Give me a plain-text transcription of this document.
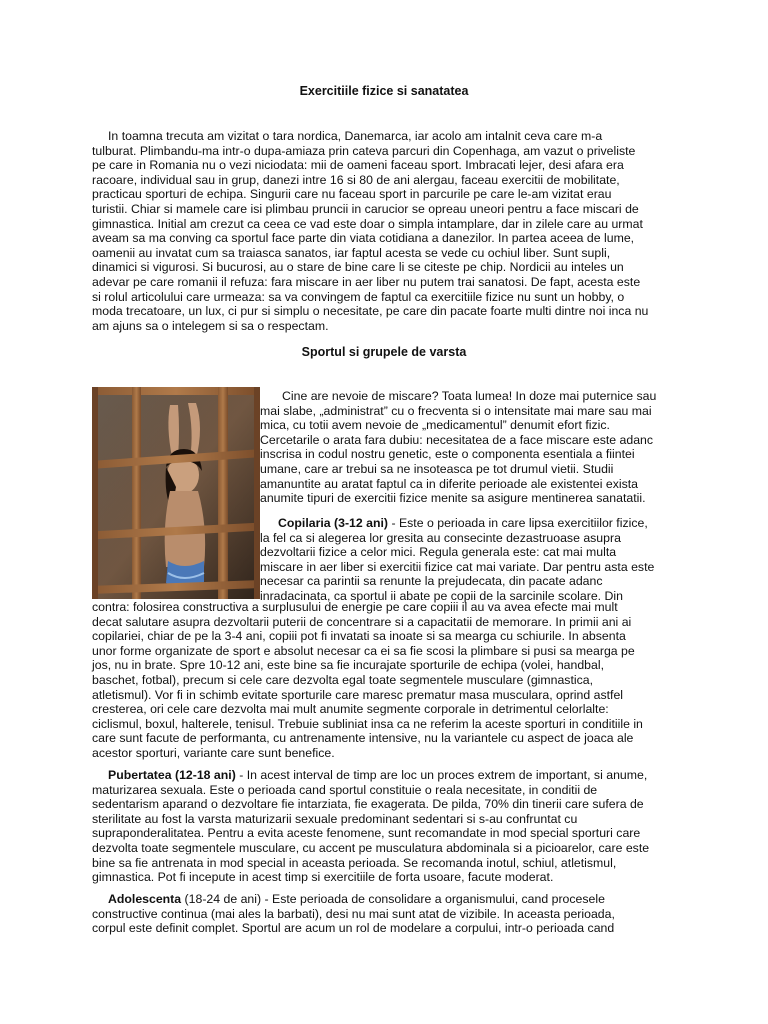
Exercitiile fizice si sanatatea
In toamna trecuta am vizitat o tara nordica, Danemarca, iar acolo am intalnit ceva care m-a
tulburat. Plimbandu-ma intr-o dupa-amiaza prin cateva parcuri din Copenhaga, am vazut o priveliste
pe care in Romania nu o vezi niciodata: mii de oameni faceau sport. Imbracati lejer, desi afara era
racoare, individual sau in grup, danezi intre 16 si 80 de ani alergau, faceau exercitii de mobilitate,
practicau sporturi de echipa. Singurii care nu faceau sport in parcurile pe care le-am vizitat erau
turistii. Chiar si mamele care isi plimbau pruncii in carucior se opreau uneori pentru a face miscari de
gimnastica. Initial am crezut ca ceea ce vad este doar o simpla intamplare, dar in zilele care au urmat
aveam sa ma conving ca sportul face parte din viata cotidiana a danezilor. In partea aceea de lume,
oamenii au invatat cum sa traiasca sanatos, iar faptul acesta se vede cu ochiul liber. Sunt supli,
dinamici si vigurosi. Si bucurosi, au o stare de bine care li se citeste pe chip. Nordicii au inteles un
adevar pe care romanii il refuza: fara miscare in aer liber nu putem trai sanatosi. De fapt, acesta este
si rolul articolului care urmeaza: sa va convingem de faptul ca exercitiile fizice nu sunt un hobby, o
moda trecatoare, un lux, ci pur si simplu o necesitate, pe care din pacate foarte multi dintre noi inca nu
am ajuns sa o intelegem si sa o respectam.
Sportul si grupele de varsta
Cine are nevoie de miscare? Toata lumea! In doze mai puternice sau
mai slabe, „administrat” cu o frecventa si o intensitate mai mare sau mai
mica, cu totii avem nevoie de „medicamentul” denumit efort fizic.
Cercetarile o arata fara dubiu: necesitatea de a face miscare este adanc
inscrisa in codul nostru genetic, este o componenta esentiala a fiintei
umane, care ar trebui sa ne insoteasca pe tot drumul vietii. Studii
amanuntite au aratat faptul ca in diferite perioade ale existentei exista
anumite tipuri de exercitii fizice menite sa asigure mentinerea sanatatii.
Copilaria (3-12 ani) - Este o perioada in care lipsa exercitiilor fizice,
la fel ca si alegerea lor gresita au consecinte dezastruoase asupra
dezvoltarii fizice a celor mici. Regula generala este: cat mai multa
miscare in aer liber si exercitii fizice cat mai variate. Dar pentru asta este
necesar ca parintii sa renunte la prejudecata, din pacate adanc
inradacinata, ca sportul ii abate pe copii de la sarcinile scolare. Din
contra: folosirea constructiva a surplusului de energie pe care copiii il au va avea efecte mai mult
decat salutare asupra dezvoltarii puterii de concentrare si a capacitatii de memorare. In primii ani ai
copilariei, chiar de pe la 3-4 ani, copiii pot fi invatati sa inoate si sa mearga cu schiurile. In absenta
unor forme organizate de sport e absolut necesar ca ei sa fie scosi la plimbare si pusi sa mearga pe
jos, nu in brate. Spre 10-12 ani, este bine sa fie incurajate sporturile de echipa (volei, handbal,
baschet, fotbal), precum si cele care dezvolta egal toate segmentele musculare (gimnastica,
atletismul). Vor fi in schimb evitate sporturile care maresc prematur masa musculara, oprind astfel
cresterea, ori cele care dezvolta mai mult anumite segmente corporale in detrimentul celorlalte:
ciclismul, boxul, halterele, tenisul. Trebuie subliniat insa ca ne referim la aceste sporturi in conditiile in
care sunt facute de performanta, cu antrenamente intensive, nu la variantele cu aspect de joaca ale
acestor sporturi, variante care sunt benefice.
Pubertatea (12-18 ani) - In acest interval de timp are loc un proces extrem de important, si anume,
maturizarea sexuala. Este o perioada cand sportul constituie o reala necesitate, in conditii de
sedentarism aparand o dezvoltare fie intarziata, fie exagerata. De pilda, 70% din tinerii care sufera de
sterilitate au fost la varsta maturizarii sexuale predominant sedentari si s-au confruntat cu
supraponderalitatea. Pentru a evita aceste fenomene, sunt recomandate in mod special sporturi care
dezvolta toate segmentele musculare, cu accent pe musculatura abdominala si a picioarelor, care este
bine sa fie antrenata in mod special in aceasta perioada. Se recomanda inotul, schiul, atletismul,
gimnastica. Pot fi incepute in acest timp si exercitiile de forta usoare, facute moderat.
Adolescenta (18-24 de ani) - Este perioada de consolidare a organismului, cand procesele
constructive continua (mai ales la barbati), desi nu mai sunt atat de vizibile. In aceasta perioada,
corpul este definit complet. Sportul are acum un rol de modelare a corpului, intr-o perioada cand
